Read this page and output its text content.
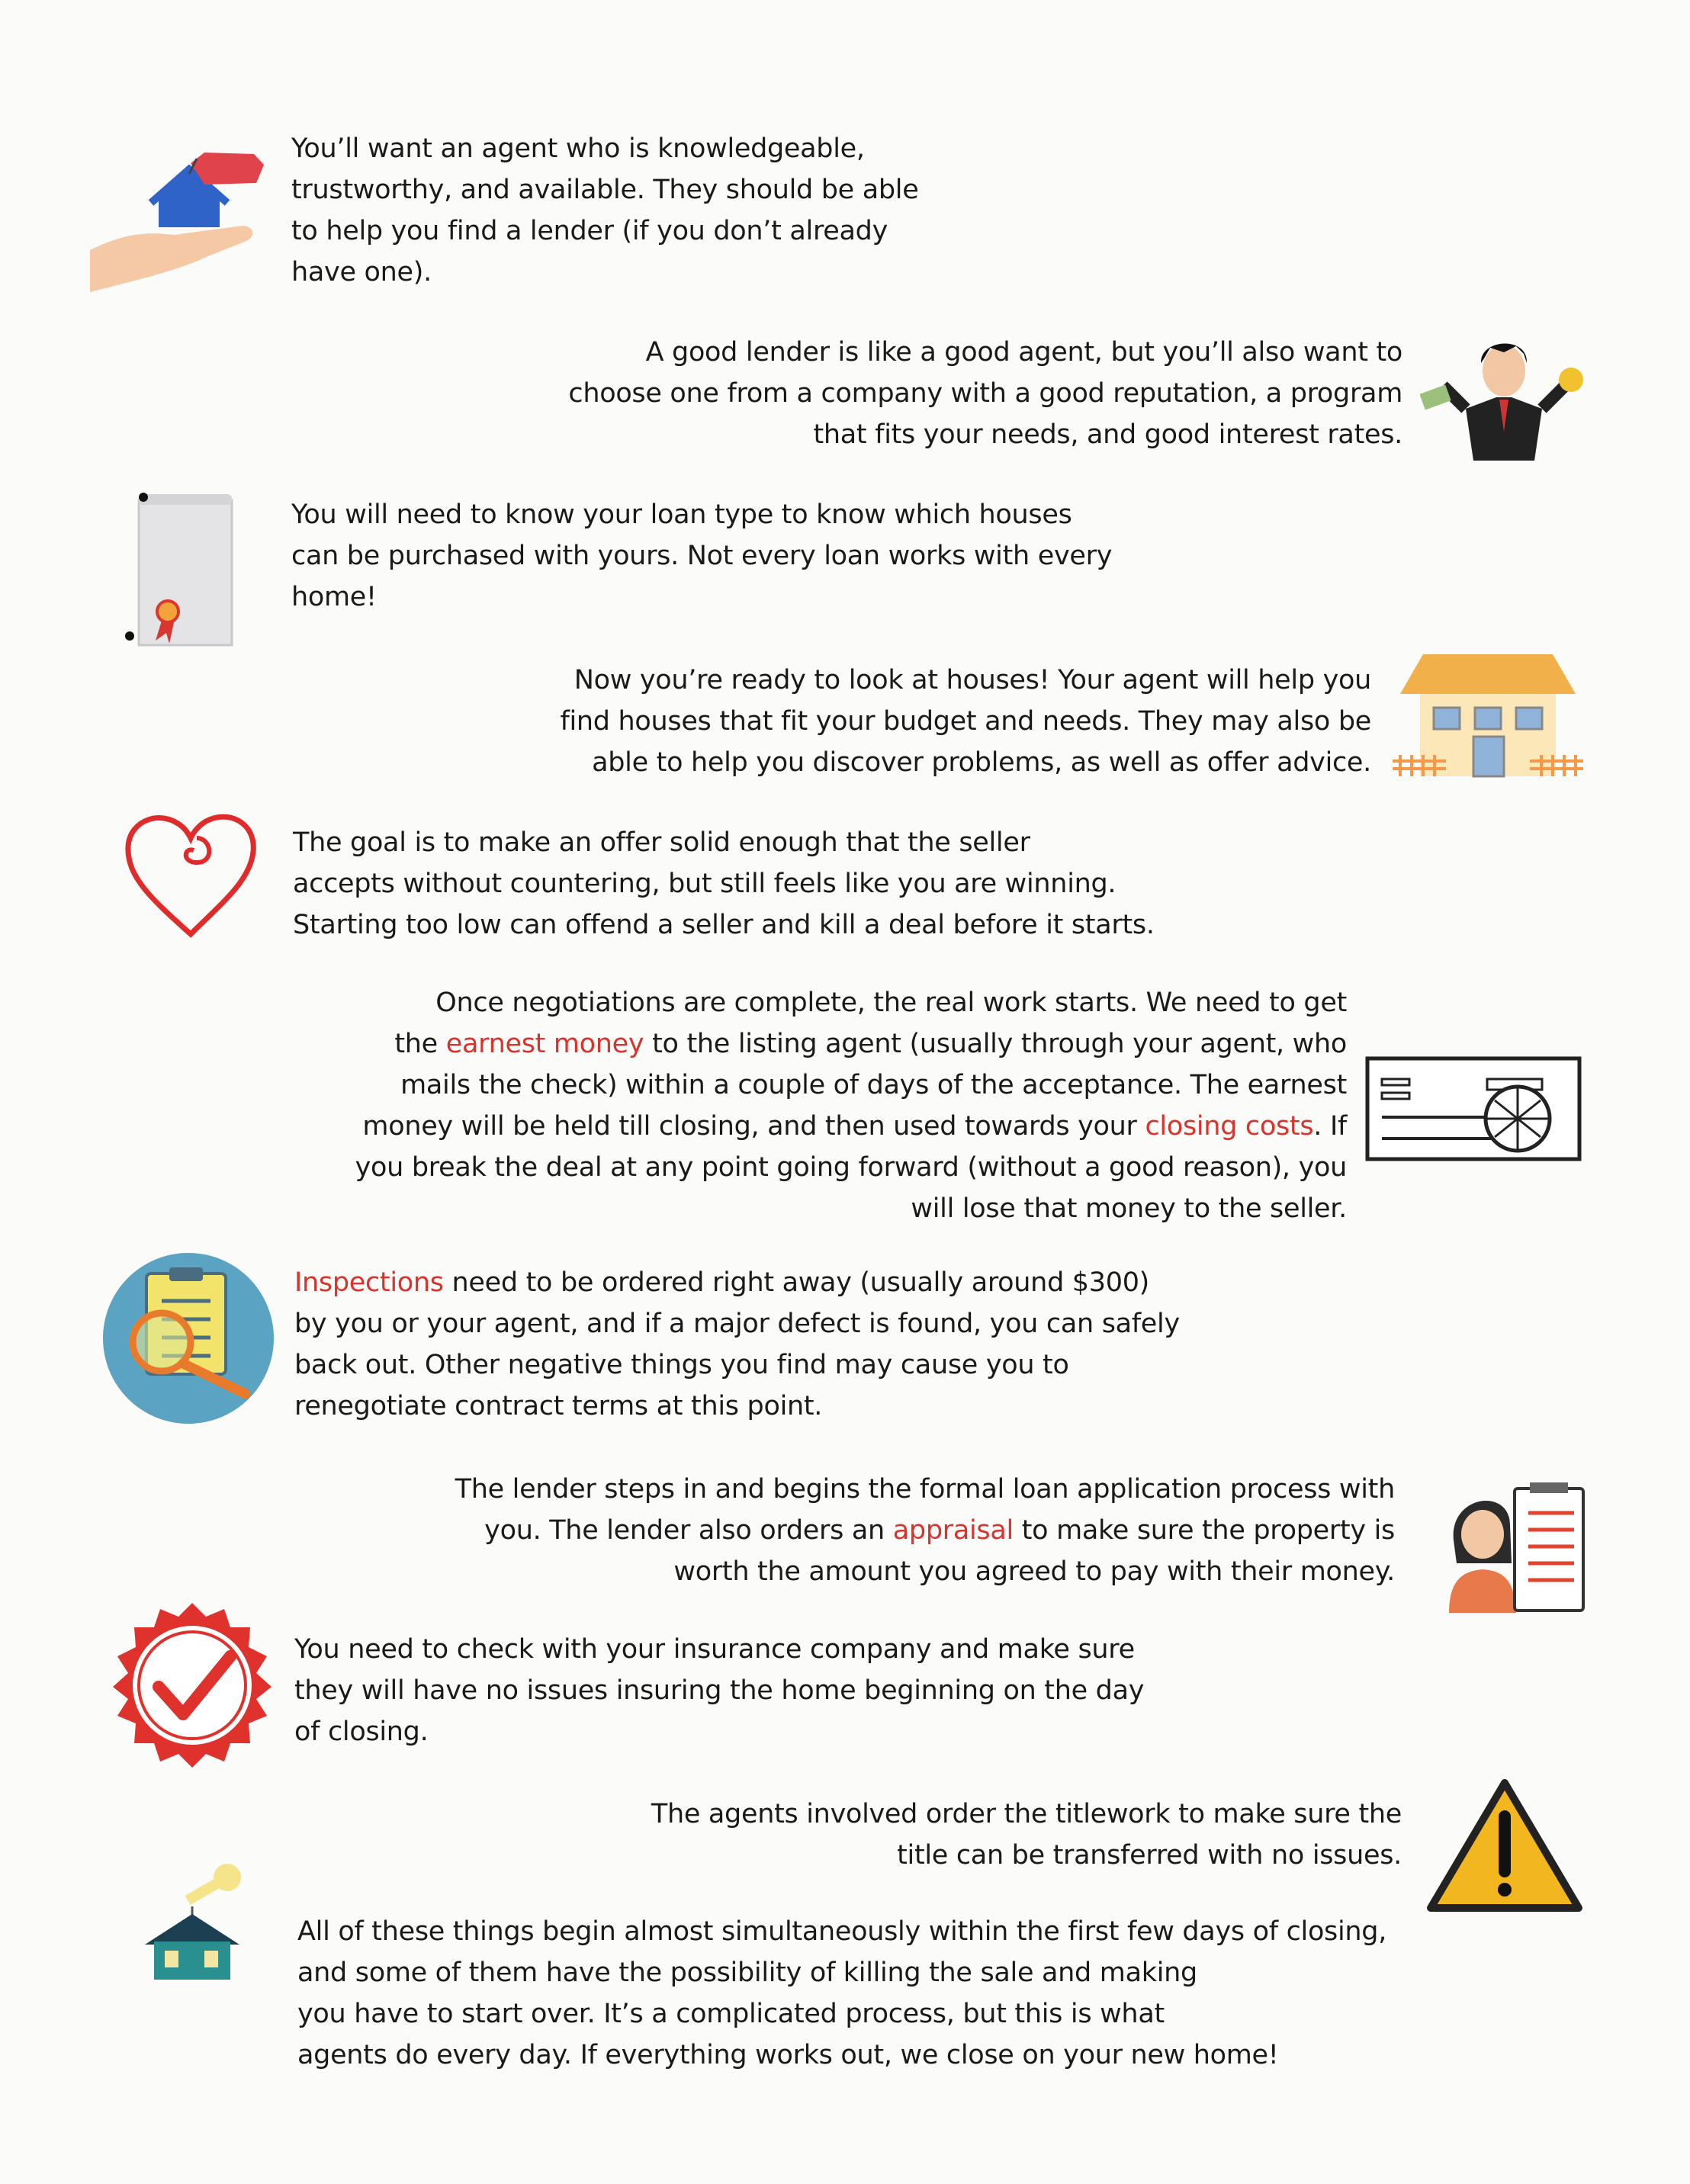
You’ll want an agent who is knowledgeable,
trustworthy, and available. They should be able
to help you find a lender (if you don’t already
have one).
A good lender is like a good agent, but you’ll also want to
choose one from a company with a good reputation, a program
that fits your needs, and good interest rates.
You will need to know your loan type to know which houses
can be purchased with yours. Not every loan works with every
home!
Now you’re ready to look at houses! Your agent will help you
find houses that fit your budget and needs. They may also be
able to help you discover problems, as well as offer advice.
The goal is to make an offer solid enough that the seller
accepts without countering, but still feels like you are winning.
Starting too low can offend a seller and kill a deal before it starts.
Once negotiations are complete, the real work starts. We need to get
the earnest money to the listing agent (usually through your agent, who
mails the check) within a couple of days of the acceptance. The earnest
money will be held till closing, and then used towards your closing costs. If
you break the deal at any point going forward (without a good reason), you
will lose that money to the seller.
Inspections need to be ordered right away (usually around $300)
by you or your agent, and if a major defect is found, you can safely
back out. Other negative things you find may cause you to
renegotiate contract terms at this point.
The lender steps in and begins the formal loan application process with
you. The lender also orders an appraisal to make sure the property is
worth the amount you agreed to pay with their money.
You need to check with your insurance company and make sure
they will have no issues insuring the home beginning on the day
of closing.
The agents involved order the titlework to make sure the
title can be transferred with no issues.
All of these things begin almost simultaneously within the first few days of closing,
and some of them have the possibility of killing the sale and making
you have to start over. It’s a complicated process, but this is what
agents do every day. If everything works out, we close on your new home!
